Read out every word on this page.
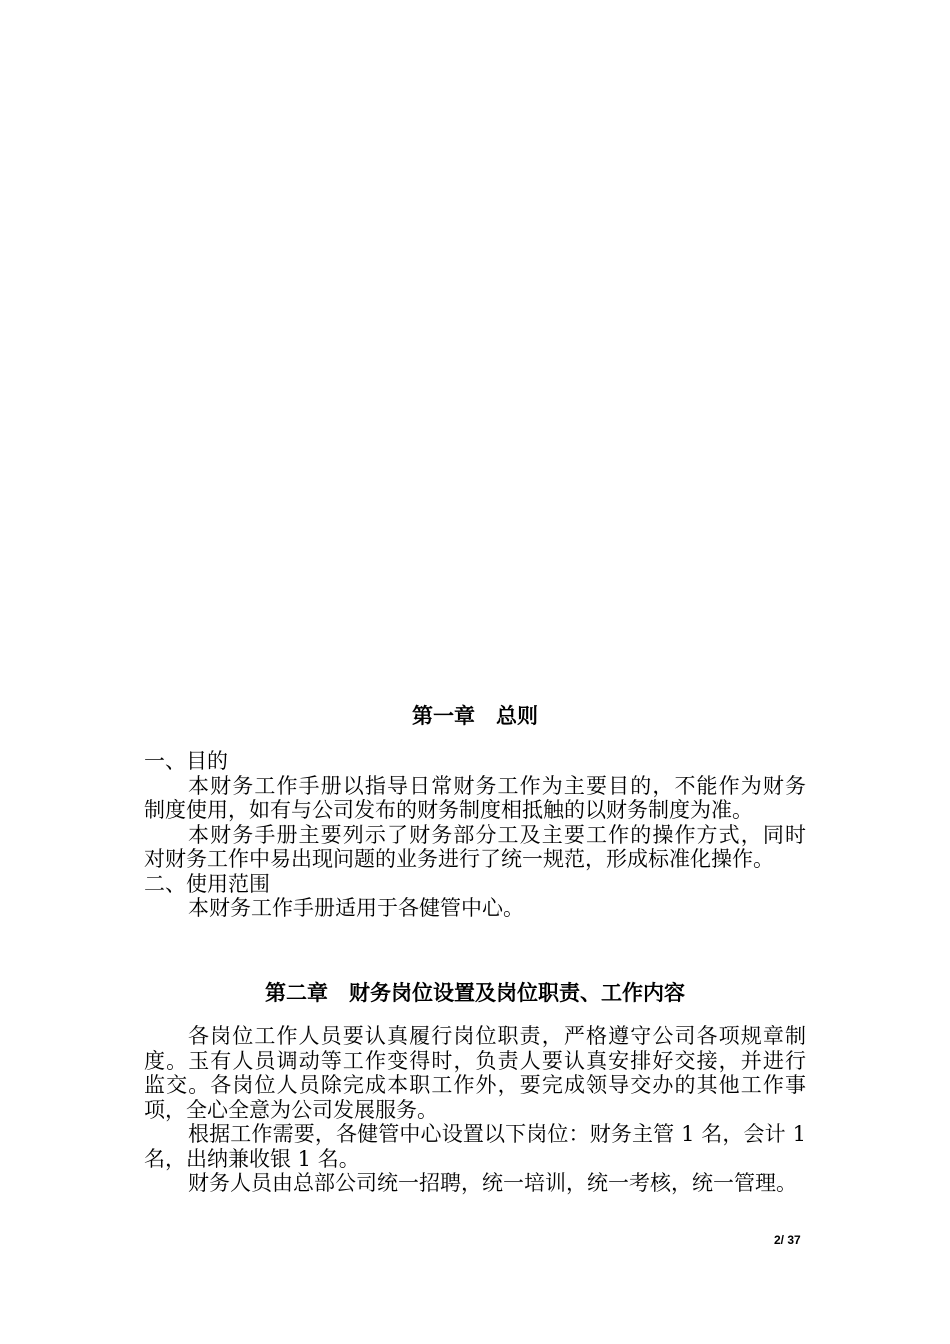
第一章　总则

一、目的

本财务工作手册以指导日常财务工作为主要目的，不能作为财务

制度使用，如有与公司发布的财务制度相抵触的以财务制度为准。

本财务手册主要列示了财务部分工及主要工作的操作方式，同时

对财务工作中易出现问题的业务进行了统一规范，形成标准化操作。

二、使用范围

本财务工作手册适用于各健管中心。

第二章　财务岗位设置及岗位职责、工作内容

各岗位工作人员要认真履行岗位职责，严格遵守公司各项规章制

度。玉有人员调动等工作变得时，负责人要认真安排好交接，并进行

监交。各岗位人员除完成本职工作外，要完成领导交办的其他工作事

项，全心全意为公司发展服务。

根据工作需要，各健管中心设置以下岗位：财务主管 1 名，会计 1

名，出纳兼收银 1 名。

财务人员由总部公司统一招聘，统一培训，统一考核，统一管理。

2/ 37
